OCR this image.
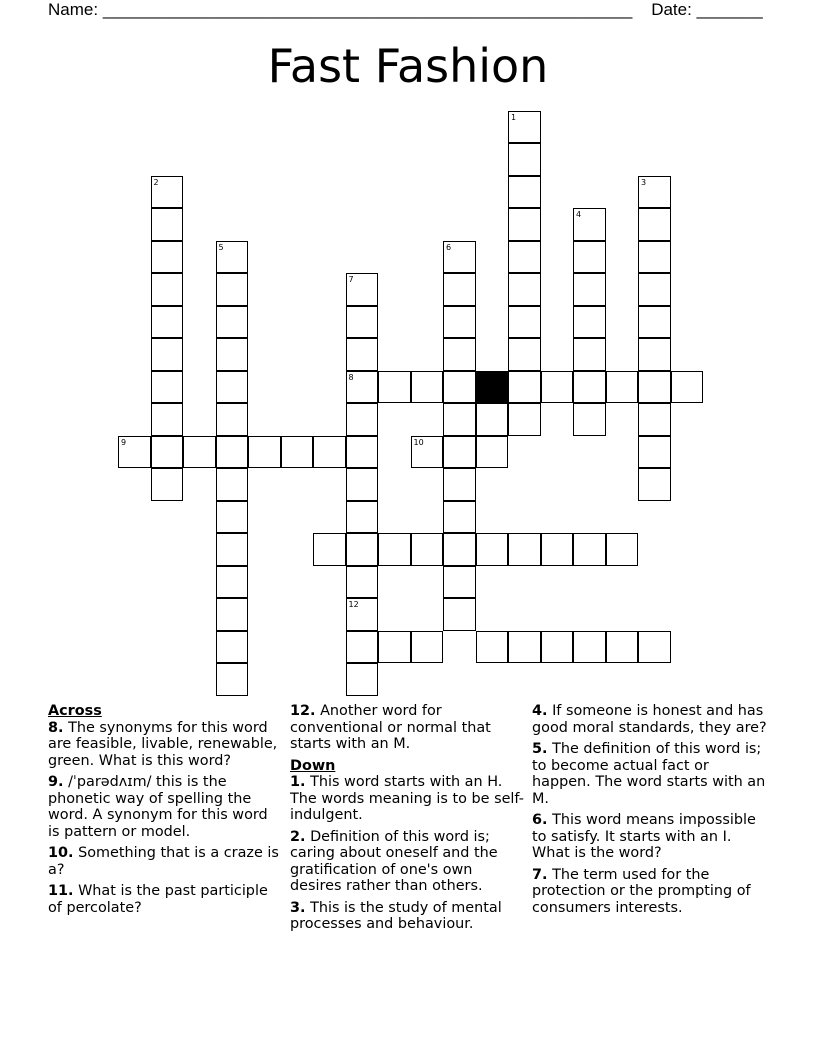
Name: ________________________________________________________ Date: _______
Fast Fashion
1
2	3
4
5	6
7
8
12
9	10
Across
8. The synonyms for this word are feasible, livable, renewable, green. What is this word?
9. /ˈparədʌɪm/ this is the phonetic way of spelling the word. A synonym for this word is pattern or model.
10. Something that is a craze is a?
11. What is the past participle of percolate?
12. Another word for conventional or normal that starts with an M.
Down
1. This word starts with an H. The words meaning is to be self-indulgent.
2. Definition of this word is; caring about oneself and the gratification of one's own desires rather than others.
3. This is the study of mental processes and behaviour.
4. If someone is honest and has good moral standards, they are?
5. The definition of this word is; to become actual fact or happen. The word starts with an M.
6. This word means impossible to satisfy. It starts with an I. What is the word?
7. The term used for the protection or the prompting of consumers interests.
